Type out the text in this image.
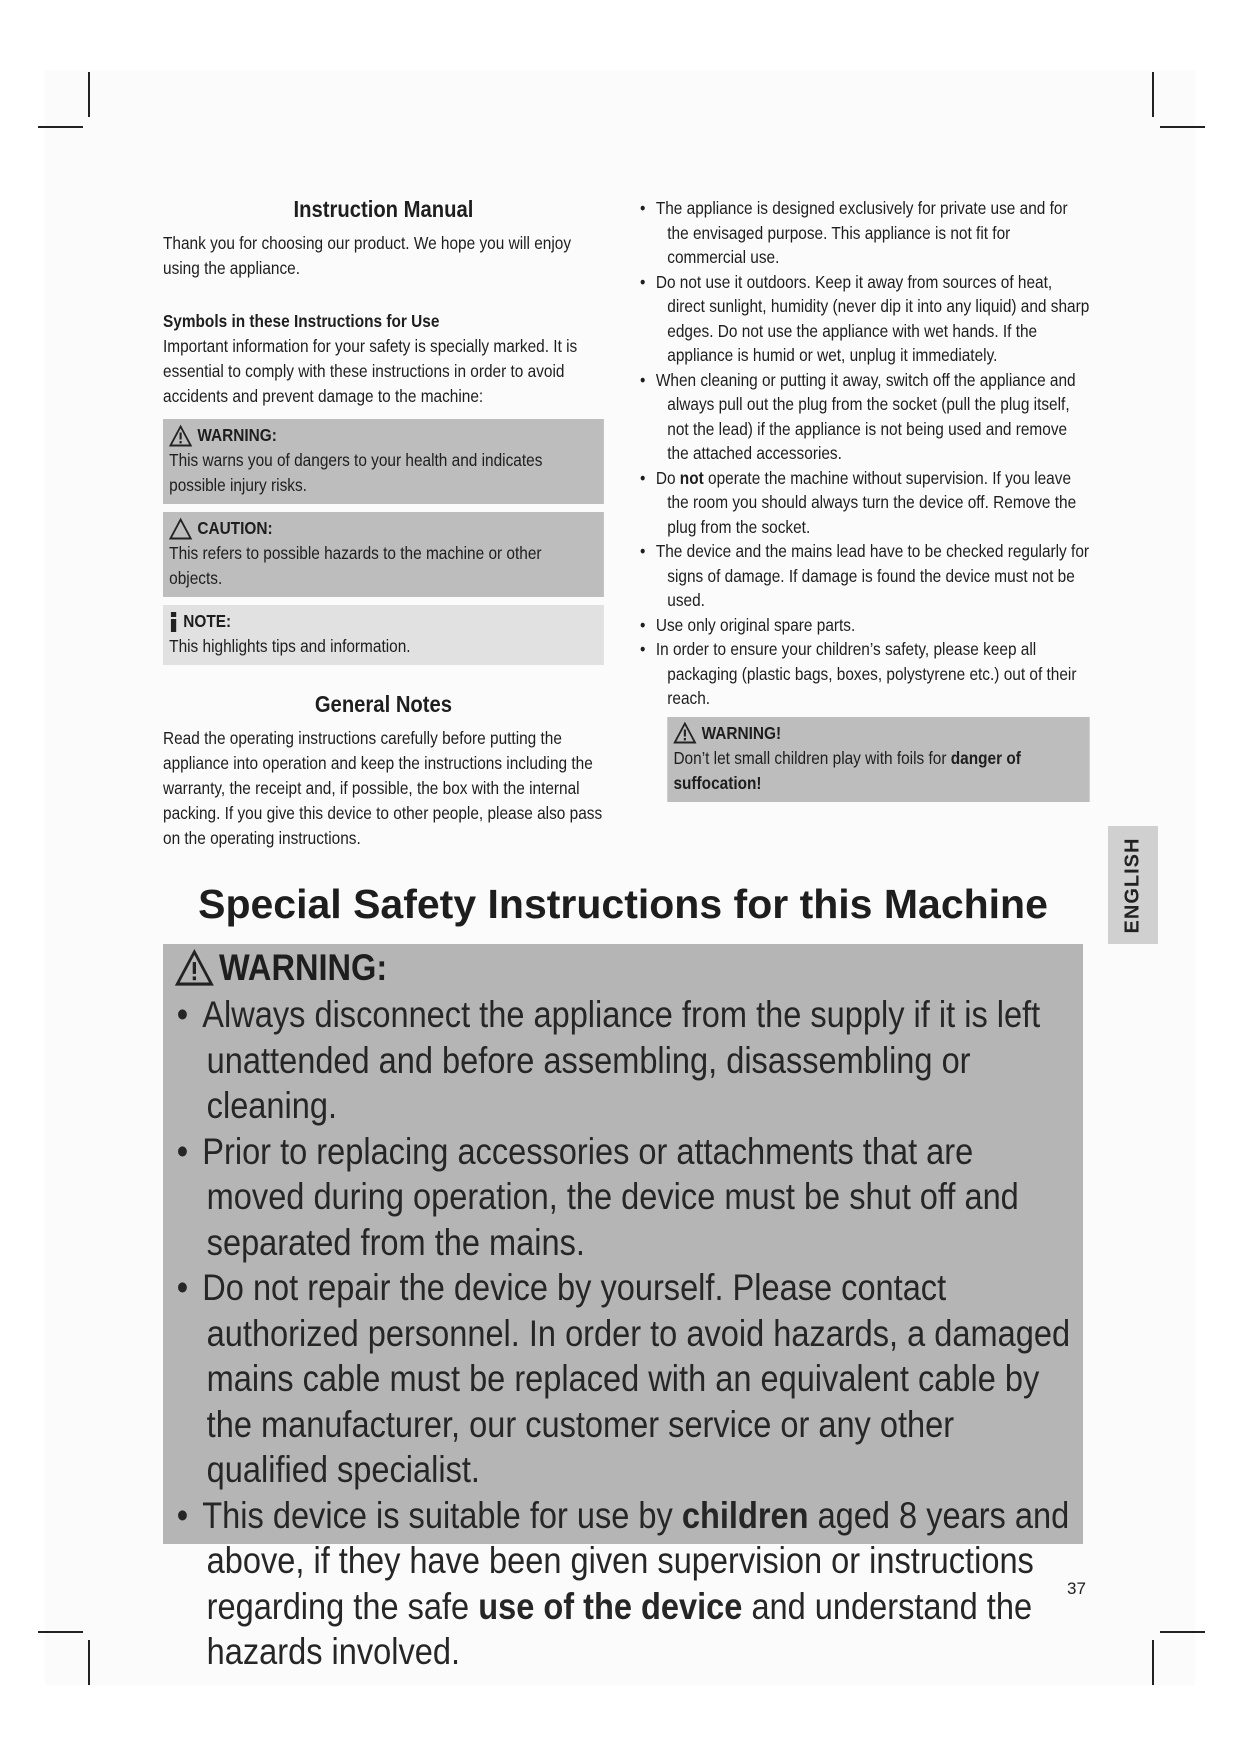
Instruction Manual

Thank you for choosing our product. We hope you will enjoy using the appliance.

Symbols in these Instructions for Use

Important information for your safety is specially marked. It is essential to comply with these instructions in order to avoid accidents and prevent damage to the machine:

WARNING:
This warns you of dangers to your health and indicates possible injury risks.
CAUTION:
This refers to possible hazards to the machine or other objects.
NOTE:
This highlights tips and information.
General Notes

Read the operating instructions carefully before putting the appliance into operation and keep the instructions including the warranty, the receipt and, if possible, the box with the internal packing. If you give this device to other people, please also pass on the operating instructions.

• The appliance is designed exclusively for private use and for the envisaged purpose. This appliance is not fit for commercial use.
• Do not use it outdoors. Keep it away from sources of heat, direct sunlight, humidity (never dip it into any liquid) and sharp edges. Do not use the appliance with wet hands. If the appliance is humid or wet, unplug it immediately.
• When cleaning or putting it away, switch off the appliance and always pull out the plug from the socket (pull the plug itself, not the lead) if the appliance is not being used and remove the attached accessories.
• Do not operate the machine without supervision. If you leave the room you should always turn the device off. Remove the plug from the socket.
• The device and the mains lead have to be checked regularly for signs of damage. If damage is found the device must not be used.
• Use only original spare parts.
• In order to ensure your children’s safety, please keep all packaging (plastic bags, boxes, polystyrene etc.) out of their reach.
WARNING!
Don’t let small children play with foils for danger of suffocation!
ENGLISH
Special Safety Instructions for this Machine
WARNING:
• Always disconnect the appliance from the supply if it is left unattended and before assembling, disassembling or cleaning.
• Prior to replacing accessories or attachments that are moved during operation, the device must be shut off and separated from the mains.
• Do not repair the device by yourself. Please contact authorized personnel. In order to avoid hazards, a damaged mains cable must be replaced with an equivalent cable by the manufacturer, our customer service or any other qualified specialist.
• This device is suitable for use by children aged 8 years and above, if they have been given supervision or instructions regarding the safe use of the device and understand the hazards involved.
37
